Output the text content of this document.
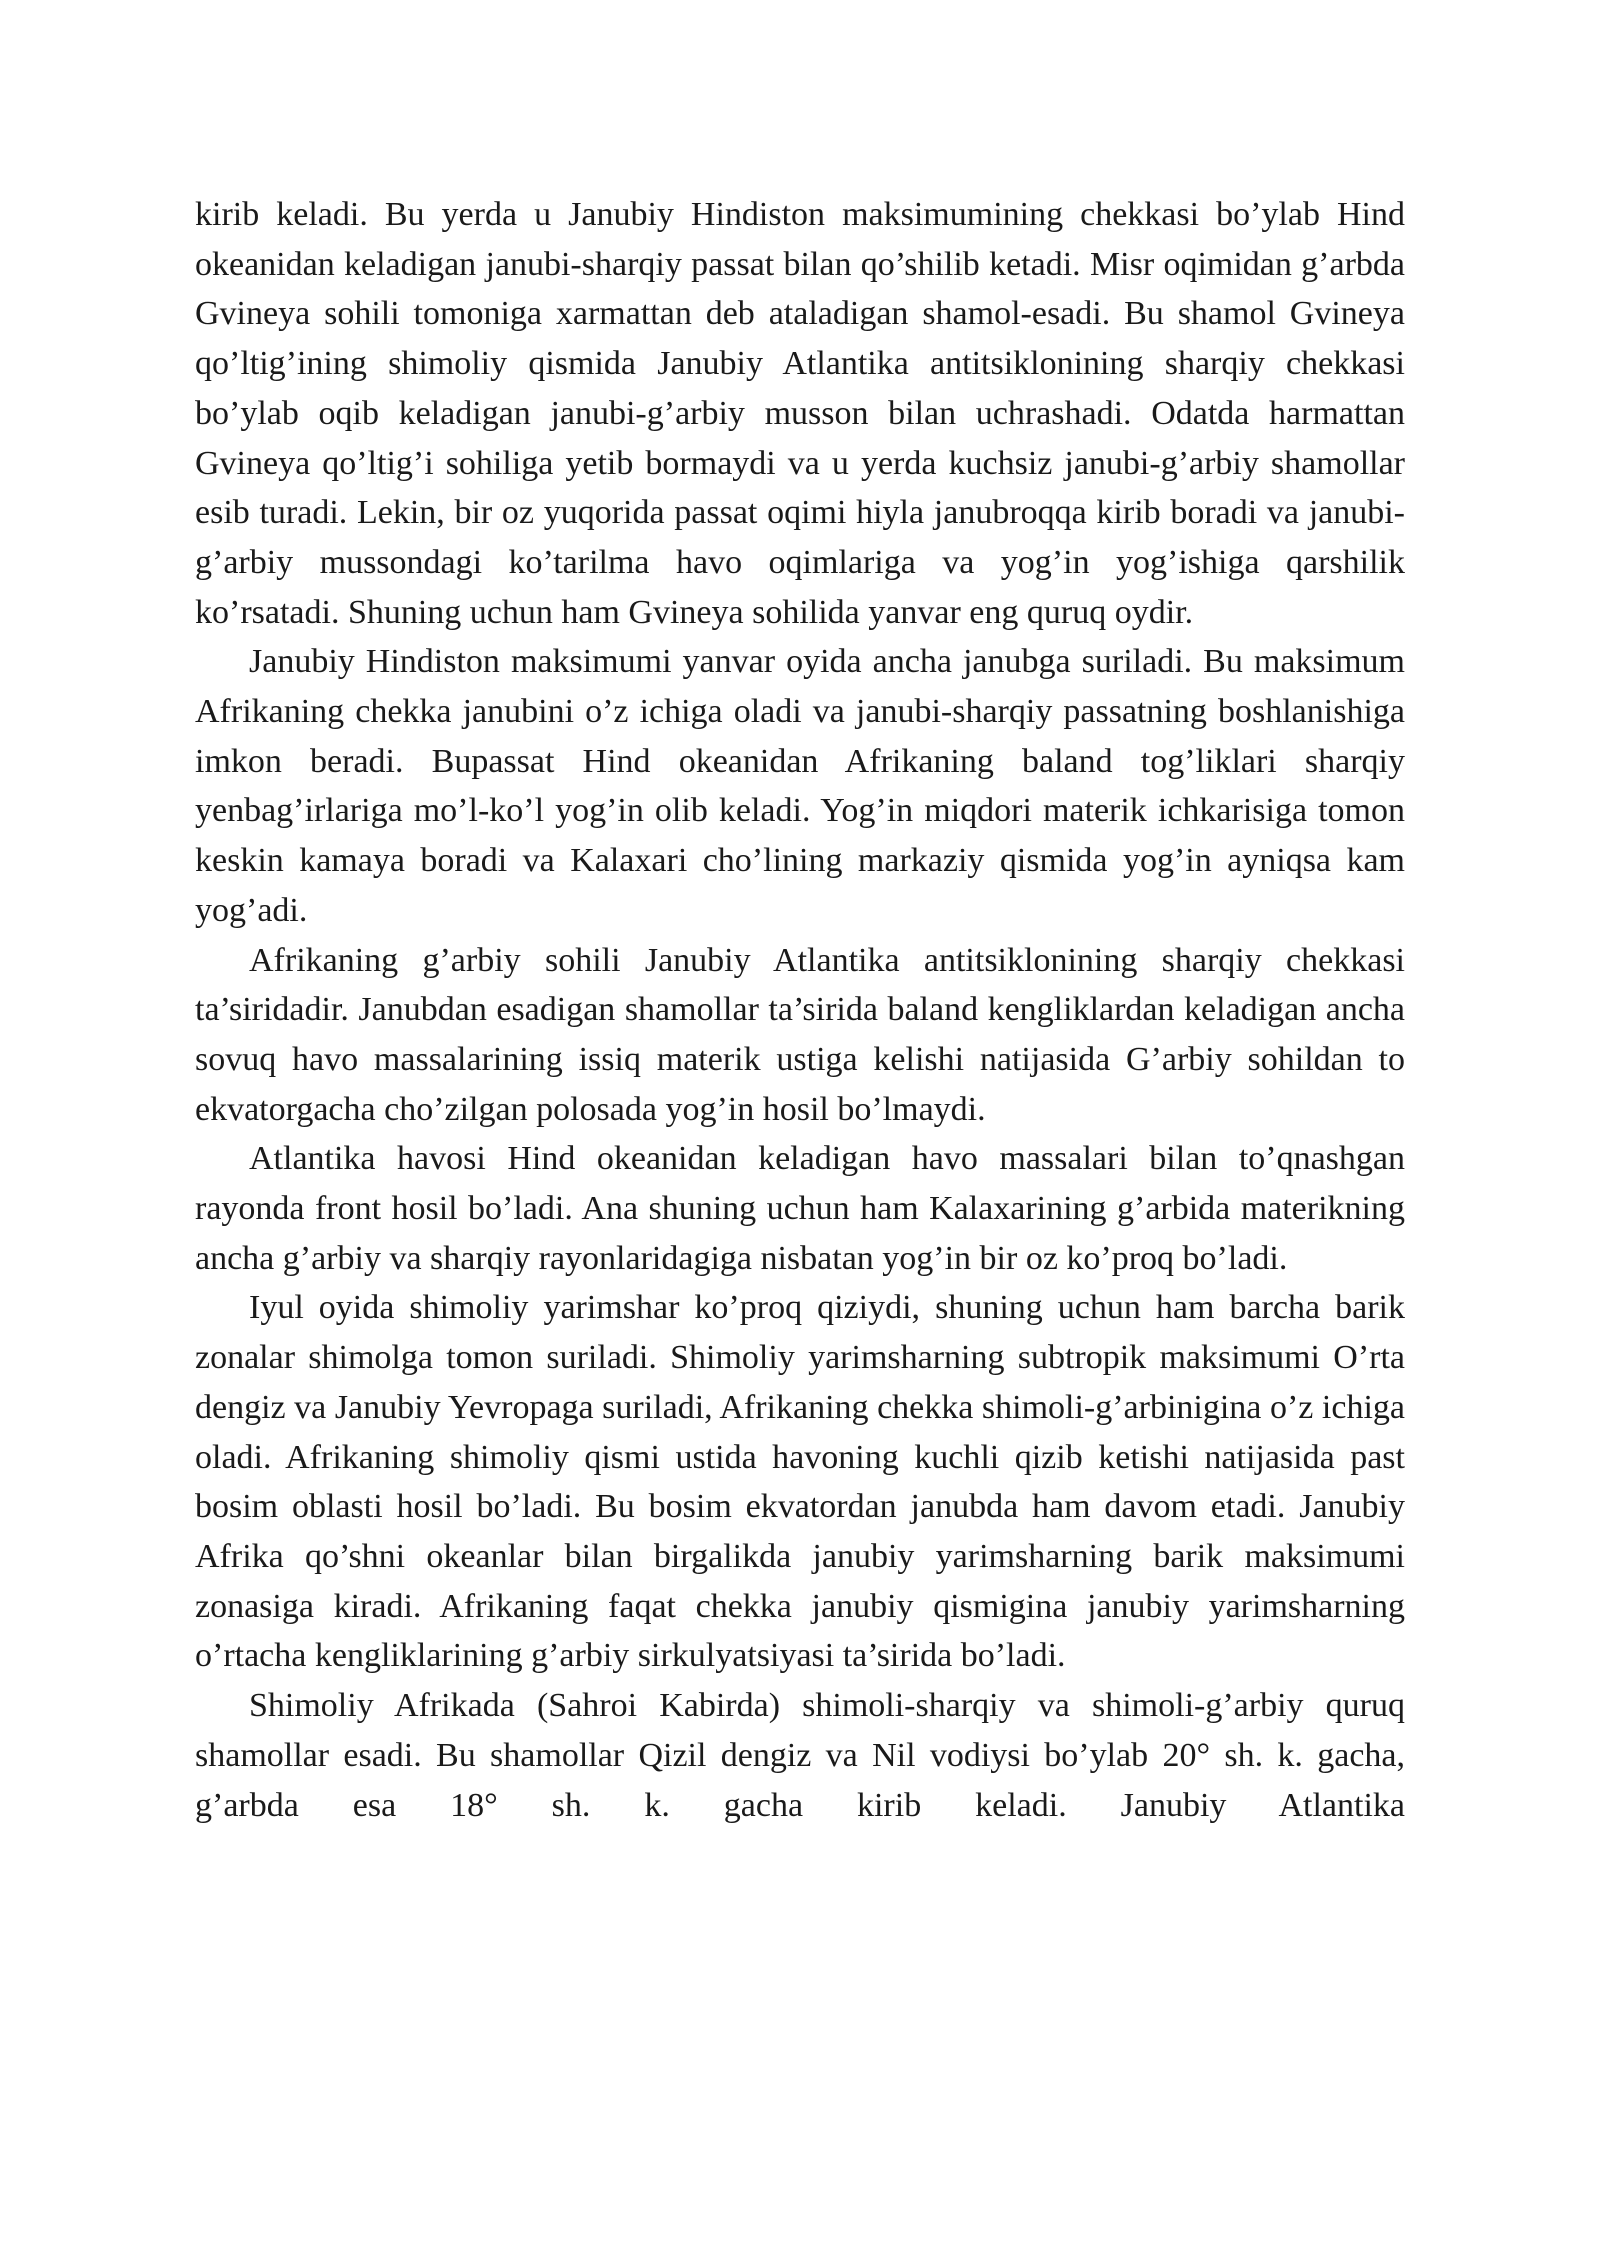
kirib keladi. Bu yerda u Janubiy Hindiston maksimumining chekkasi bo’ylab Hind okeanidan keladigan janubi-sharqiy passat bilan qo’shilib ketadi. Misr oqimidan g’arbda Gvineya sohili tomoniga xarmattan deb ataladigan shamol-esadi. Bu shamol Gvineya qo’ltig’ining shimoliy qismida Janubiy Atlantika antitsiklonining sharqiy chekkasi bo’ylab oqib keladigan janubi-g’arbiy musson bilan uchrashadi. Odatda harmattan Gvineya qo’ltig’i sohiliga yetib bormaydi va u yerda kuchsiz janubi-g’arbiy shamollar esib turadi. Lekin, bir oz yuqorida passat oqimi hiyla janubroqqa kirib boradi va janubi-g’arbiy mussondagi ko’tarilma havo oqimlariga va yog’in yog’ishiga qarshilik ko’rsatadi. Shuning uchun ham Gvineya sohilida yanvar eng quruq oydir.

Janubiy Hindiston maksimumi yanvar oyida ancha janubga suriladi. Bu maksimum Afrikaning chekka janubini o’z ichiga oladi va janubi-sharqiy passatning boshlanishiga imkon beradi. Bupassat Hind okeanidan Afrikaning baland tog’liklari sharqiy yenbag’irlariga mo’l-ko’l yog’in olib keladi. Yog’in miqdori materik ichkarisiga tomon keskin kamaya boradi va Kalaxari cho’lining markaziy qismida yog’in ayniqsa kam yog’adi.

Afrikaning g’arbiy sohili Janubiy Atlantika antitsiklonining sharqiy chekkasi ta’siridadir. Janubdan esadigan shamollar ta’sirida baland kengliklardan keladigan ancha sovuq havo massalarining issiq materik ustiga kelishi natijasida G’arbiy sohildan to ekvatorgacha cho’zilgan polosada yog’in hosil bo’lmaydi.

Atlantika havosi Hind okeanidan keladigan havo massalari bilan to’qnashgan rayonda front hosil bo’ladi. Ana shuning uchun ham Kalaxarining g’arbida materikning ancha g’arbiy va sharqiy rayonlaridagiga nisbatan yog’in bir oz ko’proq bo’ladi.

Iyul oyida shimoliy yarimshar ko’proq qiziydi, shuning uchun ham barcha barik zonalar shimolga tomon suriladi. Shimoliy yarimsharning subtropik maksimumi O’rta dengiz va Janubiy Yevropaga suriladi, Afrikaning chekka shimoli-g’arbinigina o’z ichiga oladi. Afrikaning shimoliy qismi ustida havoning kuchli qizib ketishi natijasida past bosim oblasti hosil bo’ladi. Bu bosim ekvatordan janubda ham davom etadi. Janubiy Afrika qo’shni okeanlar bilan birgalikda janubiy yarimsharning barik maksimumi zonasiga kiradi. Afrikaning faqat chekka janubiy qismigina janubiy yarimsharning o’rtacha kengliklarining g’arbiy sirkulyatsiyasi ta’sirida bo’ladi.

Shimoliy Afrikada (Sahroi Kabirda) shimoli-sharqiy va shimoli-g’arbiy quruq shamollar esadi. Bu shamollar Qizil dengiz va Nil vodiysi bo’ylab 20° sh. k. gacha, g’arbda esa 18° sh. k. gacha kirib keladi. Janubiy Atlantika
